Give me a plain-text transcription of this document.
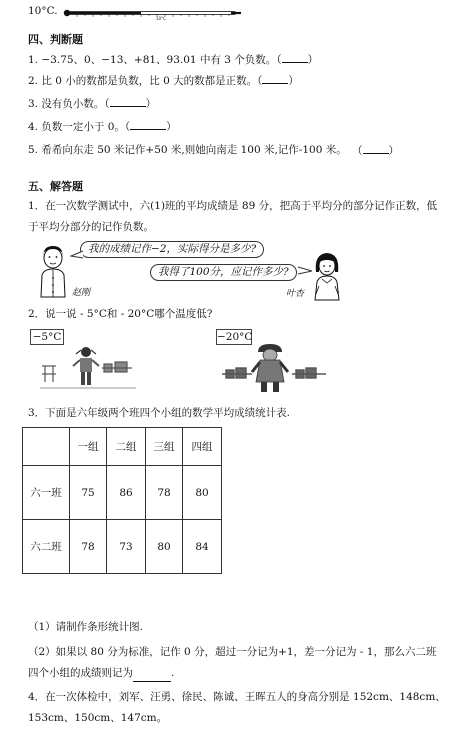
10°C.
10°C
四、判断题
1. −3.75、0、−13、+81、93.01 中有 3 个负数。（ ）
2. 比 0 小的数都是负数，比 0 大的数都是正数。（ ）
3. 没有负小数。（	）
4. 负数一定小于 0。（	）
5. 希希向东走 50 米记作+50 米,则她向南走 100 米,记作-100 米。 （ ）
五、解答题
1．在一次数学测试中，六(1)班的平均成绩是 89 分，把高于平均分的部分记作正数，低
于平均分部分的记作负数。
赵刚
我的成绩记作−2，实际得分是多少?
我得了100分，应记作多少?
叶杏
2．说一说 - 5°C和 - 20°C哪个温度低?
−5°C	−20°C
3．下面是六年级两个班四个小组的数学平均成绩统计表.
	一组	二组	三组	四组
六一班	75	86	78	80
六二班	78	73	80	84
（1）请制作条形统计图.
（2）如果以 80 分为标准，记作 0 分，超过一分记为+1，差一分记为 - 1，那么六二班
四个小组的成绩则记为	.
4．在一次体检中，刘军、汪勇、徐民、陈诚、王晖五人的身高分别是 152cm、148cm、
153cm、150cm、147cm。
